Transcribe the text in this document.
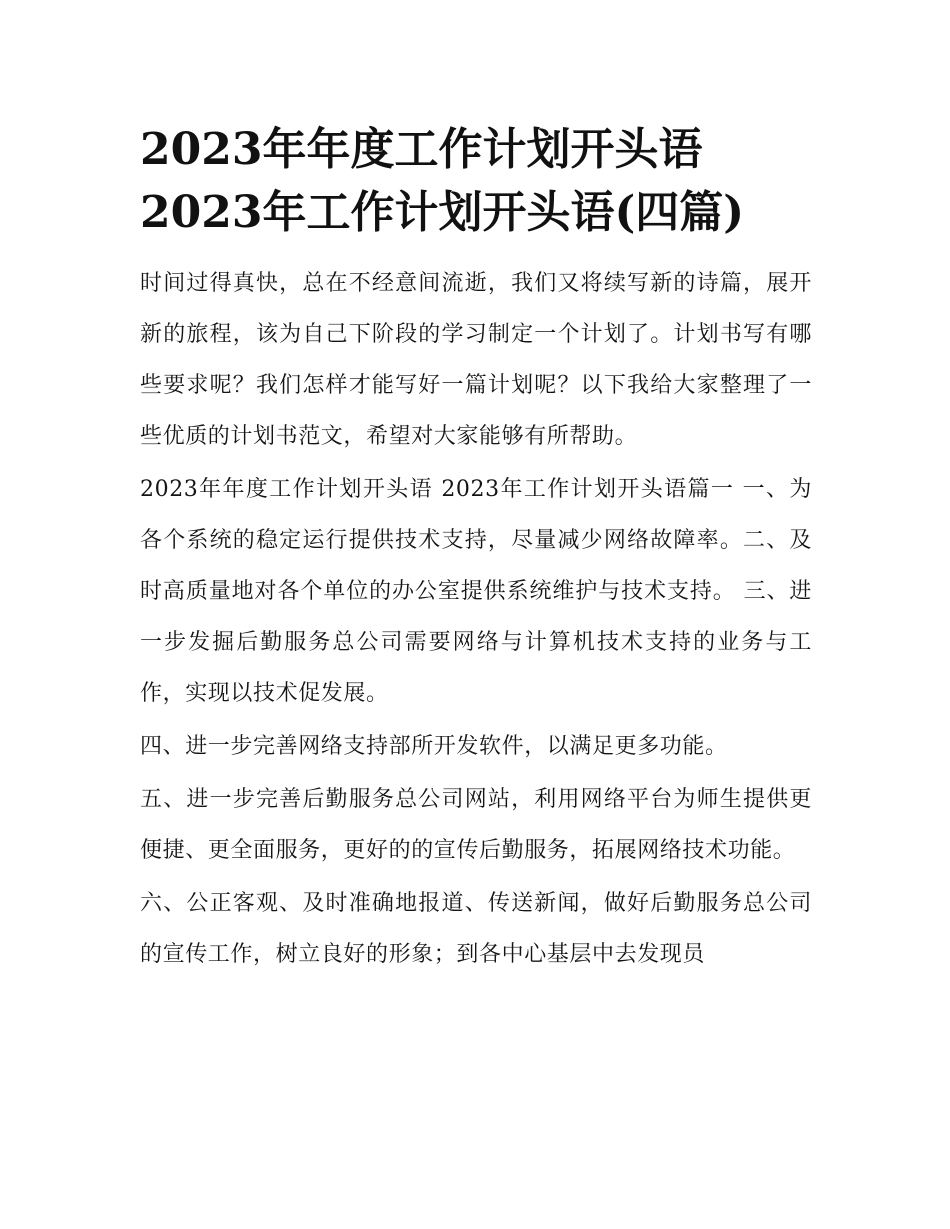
2023年年度工作计划开头语
2023年工作计划开头语(四篇)

时间过得真快，总在不经意间流逝，我们又将续写新的诗篇，展开新的旅程，该为自己下阶段的学习制定一个计划了。计划书写有哪些要求呢？我们怎样才能写好一篇计划呢？以下我给大家整理了一些优质的计划书范文，希望对大家能够有所帮助。

2023年年度工作计划开头语 2023年工作计划开头语篇一 一、为各个系统的稳定运行提供技术支持，尽量减少网络故障率。二、及时高质量地对各个单位的办公室提供系统维护与技术支持。 三、进一步发掘后勤服务总公司需要网络与计算机技术支持的业务与工作，实现以技术促发展。

四、进一步完善网络支持部所开发软件，以满足更多功能。

五、进一步完善后勤服务总公司网站，利用网络平台为师生提供更便捷、更全面服务，更好的的宣传后勤服务，拓展网络技术功能。

六、公正客观、及时准确地报道、传送新闻，做好后勤服务总公司的宣传工作，树立良好的形象；到各中心基层中去发现员
